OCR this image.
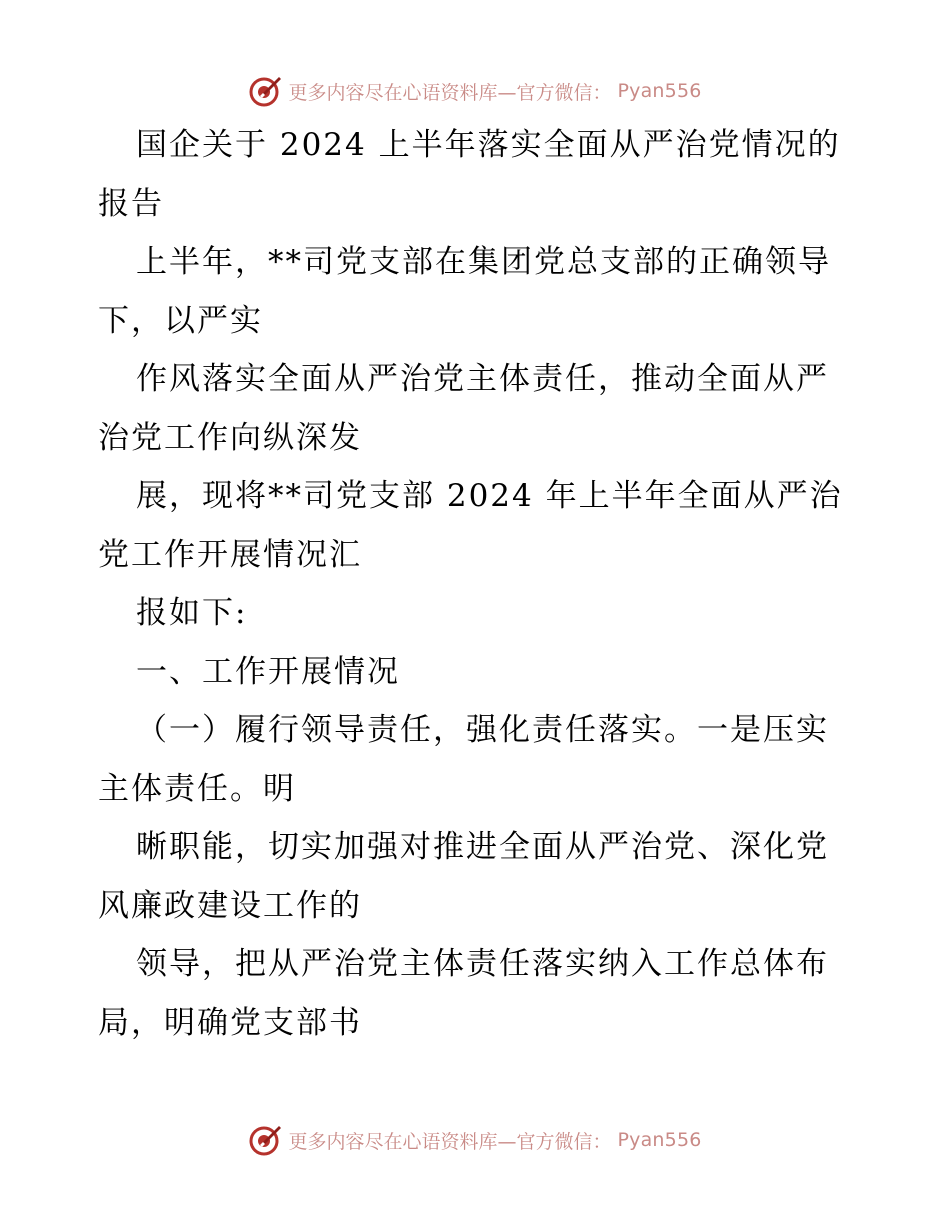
更多内容尽在心语资料库—官方微信： Pyan556
国企关于 2024 上半年落实全面从严治党情况的
报告
上半年，**司党支部在集团党总支部的正确领导
下，以严实
作风落实全面从严治党主体责任，推动全面从严
治党工作向纵深发
展，现将**司党支部 2024 年上半年全面从严治
党工作开展情况汇
报如下:
一、工作开展情况
（一）履行领导责任，强化责任落实。一是压实
主体责任。明
晰职能，切实加强对推进全面从严治党、深化党
风廉政建设工作的
领导，把从严治党主体责任落实纳入工作总体布
局，明确党支部书
更多内容尽在心语资料库—官方微信： Pyan556
